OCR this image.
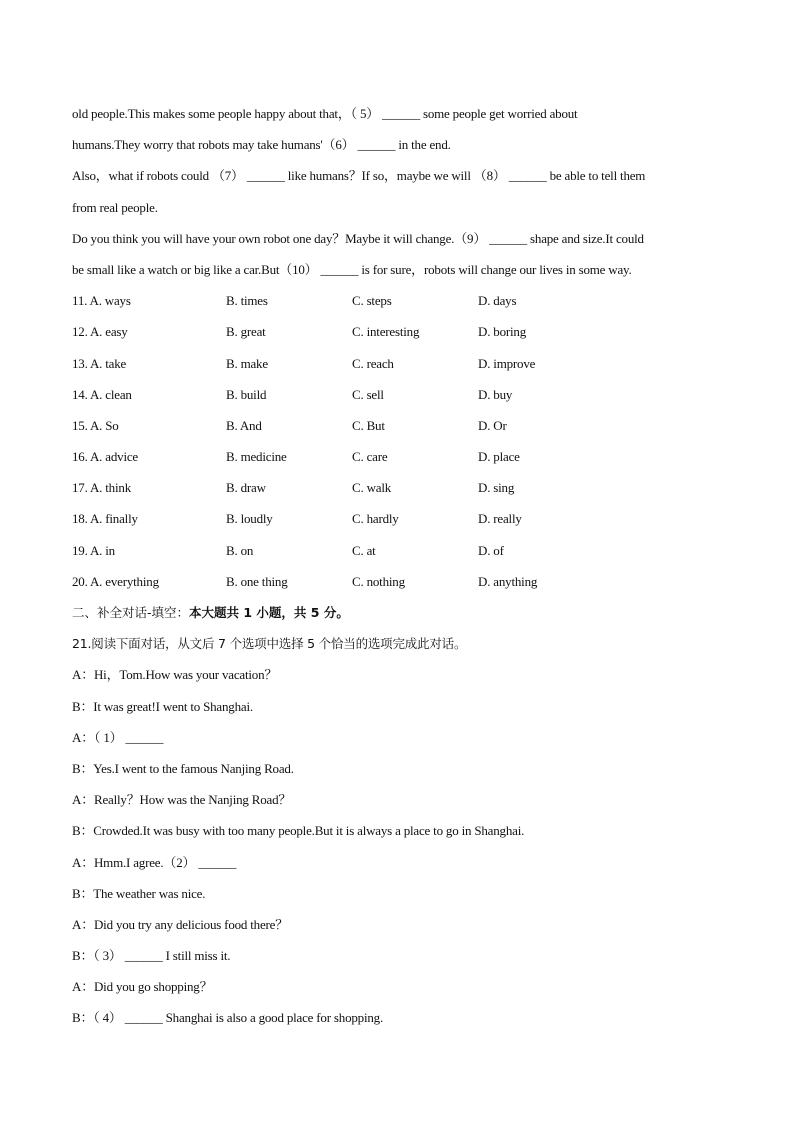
old people.This makes some people happy about that，（ 5） ______ some people get worried about
humans.They worry that robots may take humans'（6） ______ in the end.
Also，what if robots could （7） ______ like humans？If so，maybe we will （8） ______ be able to tell them
from real people.
Do you think you will have your own robot one day？Maybe it will change.（9） ______ shape and size.It could
be small like a watch or big like a car.But（10） ______ is for sure，robots will change our lives in some way.
11. A. ways	B. times	C. steps	D. days
12. A. easy	B. great	C. interesting	D. boring
13. A. take	B. make	C. reach	D. improve
14. A. clean	B. build	C. sell	D. buy
15. A. So	B. And	C. But	D. Or
16. A. advice	B. medicine	C. care	D. place
17. A. think	B. draw	C. walk	D. sing
18. A. finally	B. loudly	C. hardly	D. really
19. A. in	B. on	C. at	D. of
20. A. everything	B. one thing	C. nothing	D. anything
二、补全对话-填空：本大题共 1 小题，共 5 分。
21.阅读下面对话，从文后 7 个选项中选择 5 个恰当的选项完成此对话。
A：Hi，Tom.How was your vacation？
B：It was great!I went to Shanghai.
A：（ 1） ______
B：Yes.I went to the famous Nanjing Road.
A：Really？How was the Nanjing Road？
B：Crowded.It was busy with too many people.But it is always a place to go in Shanghai.
A：Hmm.I agree.（2） ______
B：The weather was nice.
A：Did you try any delicious food there？
B：（ 3） ______ I still miss it.
A：Did you go shopping？
B：（ 4） ______ Shanghai is also a good place for shopping.
